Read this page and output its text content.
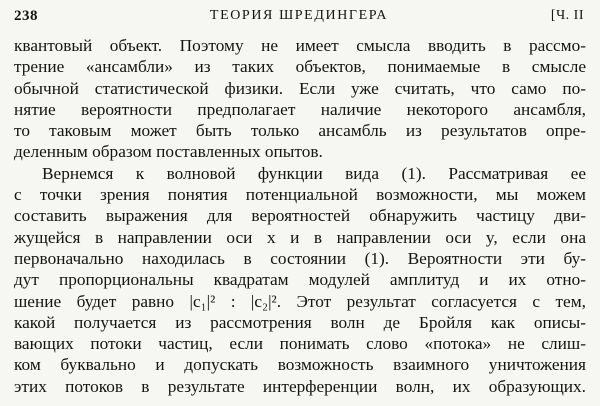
238	ТЕОРИЯ ШРЕДИНГЕРА	[Ч. II
квантовый объект. Поэтому не имеет смысла вводить в рассмо-
трение «ансамбли» из таких объектов, понимаемые в смысле
обычной статистической физики. Если уже считать, что само по-
нятие вероятности предполагает наличие некоторого ансамбля,
то таковым может быть только ансамбль из результатов опре-
деленным образом поставленных опытов.
Вернемся к волновой функции вида (1). Рассматривая ее
с точки зрения понятия потенциальной возможности, мы можем
составить выражения для вероятностей обнаружить частицу дви-
жущейся в направлении оси x и в направлении оси y, если она
первоначально находилась в состоянии (1). Вероятности эти бу-
дут пропорциональны квадратам модулей амплитуд и их отно-
шение будет равно |c₁|² : |c₂|². Этот результат согласуется с тем,
какой получается из рассмотрения волн де Бройля как описы-
вающих потоки частиц, если понимать слово «потока» не слиш-
ком буквально и допускать возможность взаимного уничтожения
этих потоков в результате интерференции волн, их образующих.
